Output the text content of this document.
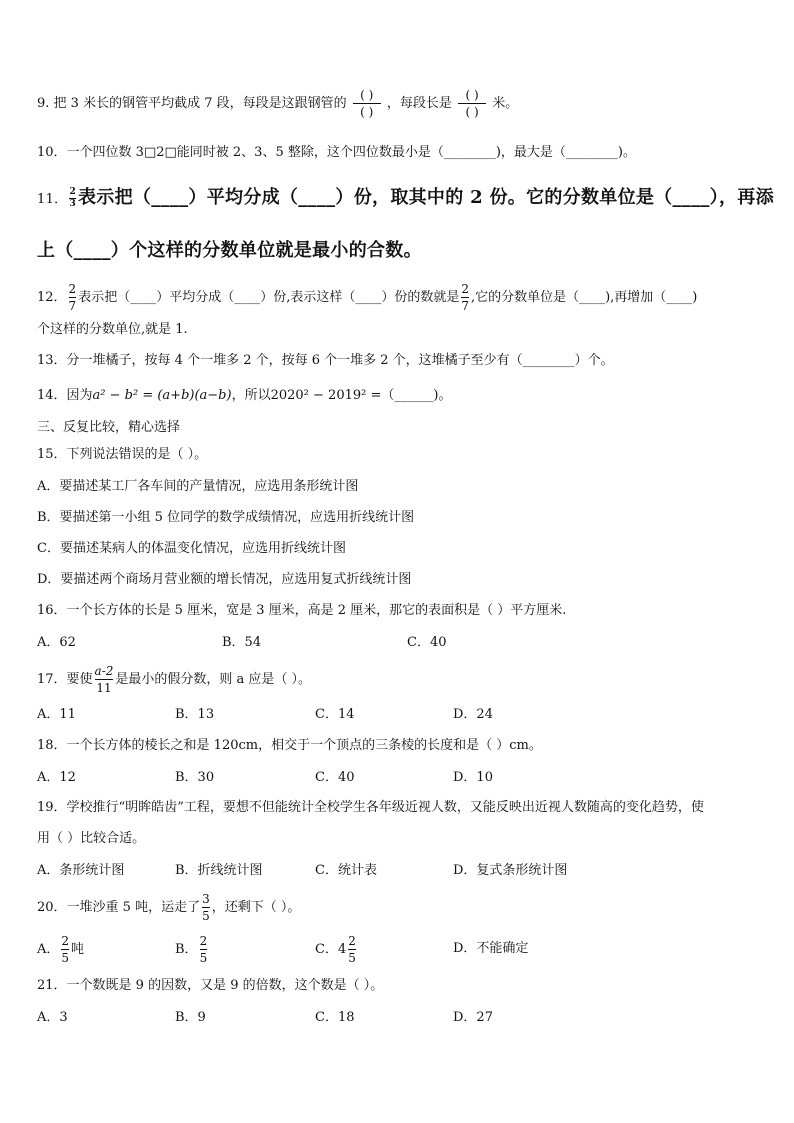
9. 把 3 米长的钢管平均截成 7 段，每段是这跟钢管的 $\frac{( )}{( )}$ ，每段长是 $\frac{( )}{( )}$ 米。
10．一个四位数 3□2□能同时被 2、3、5 整除，这个四位数最小是（________)，最大是（________)。
11． $\frac{2}{3}$ 表示把（____）平均分成（____）份，取其中的 2 份。它的分数单位是（____），再添
上（____）个这样的分数单位就是最小的合数。
12． $\frac{2}{7}$ 表示把（____）平均分成（____）份,表示这样（____）份的数就是 $\frac{2}{7}$ ,它的分数单位是（____),再增加（____)
个这样的分数单位,就是 1.
13．分一堆橘子，按每 4 个一堆多 2 个，按每 6 个一堆多 2 个，这堆橘子至少有（________）个。
14．因为a² − b² = (a+b)(a−b)，所以2020² − 2019² =（______)。
三、反复比较，精心选择
15．下列说法错误的是（ ）。
A．要描述某工厂各车间的产量情况，应选用条形统计图
B．要描述第一小组 5 位同学的数学成绩情况，应选用折线统计图
C．要描述某病人的体温变化情况，应选用折线统计图
D．要描述两个商场月营业额的增长情况，应选用复式折线统计图
16．一个长方体的长是 5 厘米，宽是 3 厘米，高是 2 厘米，那它的表面积是（ ）平方厘米.
A．62	B．54	C．40
17．要使 $\frac{a-2}{11}$ 是最小的假分数，则 a 应是（ ）。
A．11	B．13	C．14	D．24
18．一个长方体的棱长之和是 120cm，相交于一个顶点的三条棱的长度和是（ ）cm。
A．12	B．30	C．40	D．10
19．学校推行“明眸皓齿”工程，要想不但能统计全校学生各年级近视人数，又能反映出近视人数随高的变化趋势，使
用（ ）比较合适。
A．条形统计图	B．折线统计图	C．统计表	D．复式条形统计图
20．一堆沙重 5 吨，运走了 $\frac{3}{5}$ ，还剩下（ ）。
A． $\frac{2}{5}$ 吨	B． $\frac{2}{5}$	C．$4 \frac{2}{5}$	D．不能确定
21．一个数既是 9 的因数，又是 9 的倍数，这个数是（ ）。
A．3	B．9	C．18	D．27
